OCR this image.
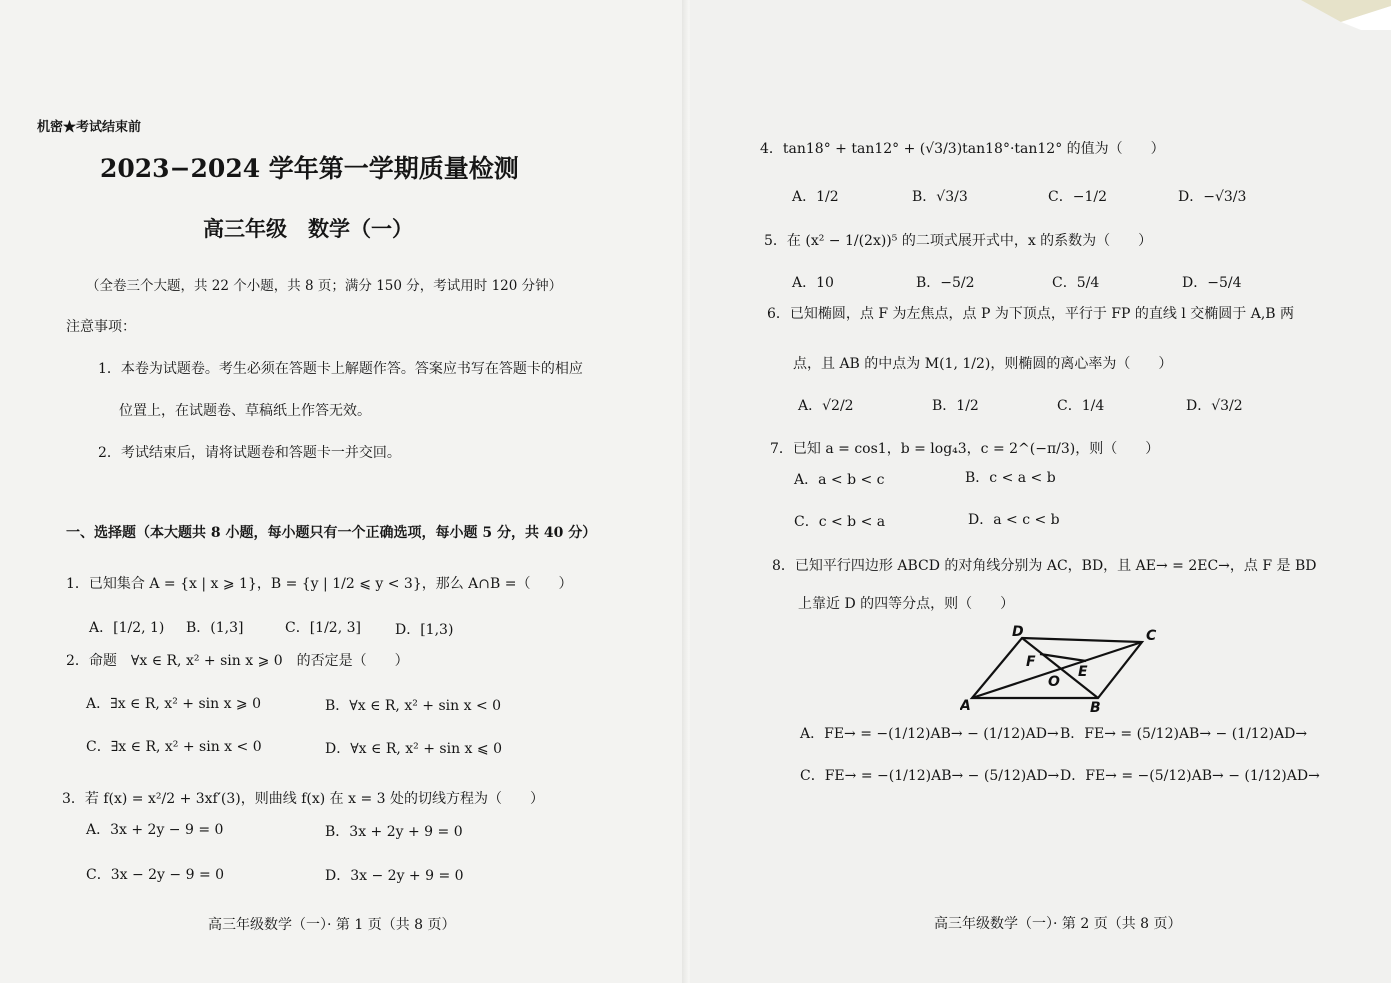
机密★考试结束前
2023−2024 学年第一学期质量检测
高三年级　数学（一）
（全卷三个大题，共 22 个小题，共 8 页；满分 150 分，考试用时 120 分钟）
注意事项：
1．本卷为试题卷。考生必须在答题卡上解题作答。答案应书写在答题卡的相应
位置上，在试题卷、草稿纸上作答无效。
2．考试结束后，请将试题卷和答题卡一并交回。
一、选择题（本大题共 8 小题，每小题只有一个正确选项，每小题 5 分，共 40 分）
1．已知集合 A = {x | x ⩾ 1}，B = {y | 1/2 ⩽ y < 3}，那么 A∩B =（　　）
A．[1/2, 1) B．(1,3]	C．[1/2, 3] D．[1,3)
2．命题　∀x ∈ R, x² + sin x ⩾ 0　的否定是（　　）
A．∃x ∈ R, x² + sin x ⩾ 0	B．∀x ∈ R, x² + sin x < 0
C．∃x ∈ R, x² + sin x < 0	D．∀x ∈ R, x² + sin x ⩽ 0
3．若 f(x) = x²/2 + 3xf′(3)，则曲线 f(x) 在 x = 3 处的切线方程为（　　）
A．3x + 2y − 9 = 0	B．3x + 2y + 9 = 0
C．3x − 2y − 9 = 0	D．3x − 2y + 9 = 0
高三年级数学（一）· 第 1 页（共 8 页）
4．tan18° + tan12° + (√3/3)tan18°·tan12° 的值为（　　）
A．1/2	B．√3/3	C．−1/2	D．−√3/3
5．在 (x² − 1/(2x))⁵ 的二项式展开式中，x 的系数为（　　）
A．10	B．−5/2	C．5/4	D．−5/4
6．已知椭圆，点 F 为左焦点，点 P 为下顶点，平行于 FP 的直线 l 交椭圆于 A,B 两
点，且 AB 的中点为 M(1, 1/2)，则椭圆的离心率为（　　）
A．√2/2	B．1/2	C．1/4	D．√3/2
7．已知 a = cos1，b = log₄3，c = 2^(−π/3)，则（　　）
A．a < b < c	B．c < a < b
C．c < b < a	D．a < c < b
8．已知平行四边形 ABCD 的对角线分别为 AC，BD，且 AE→ = 2EC→，点 F 是 BD
上靠近 D 的四等分点，则（　　）
D	C
A	B
E
F
O
A．FE→ = −(1/12)AB→ − (1/12)AD→ B．FE→ = (5/12)AB→ − (1/12)AD→
C．FE→ = −(1/12)AB→ − (5/12)AD→ D．FE→ = −(5/12)AB→ − (1/12)AD→
高三年级数学（一）· 第 2 页（共 8 页）
